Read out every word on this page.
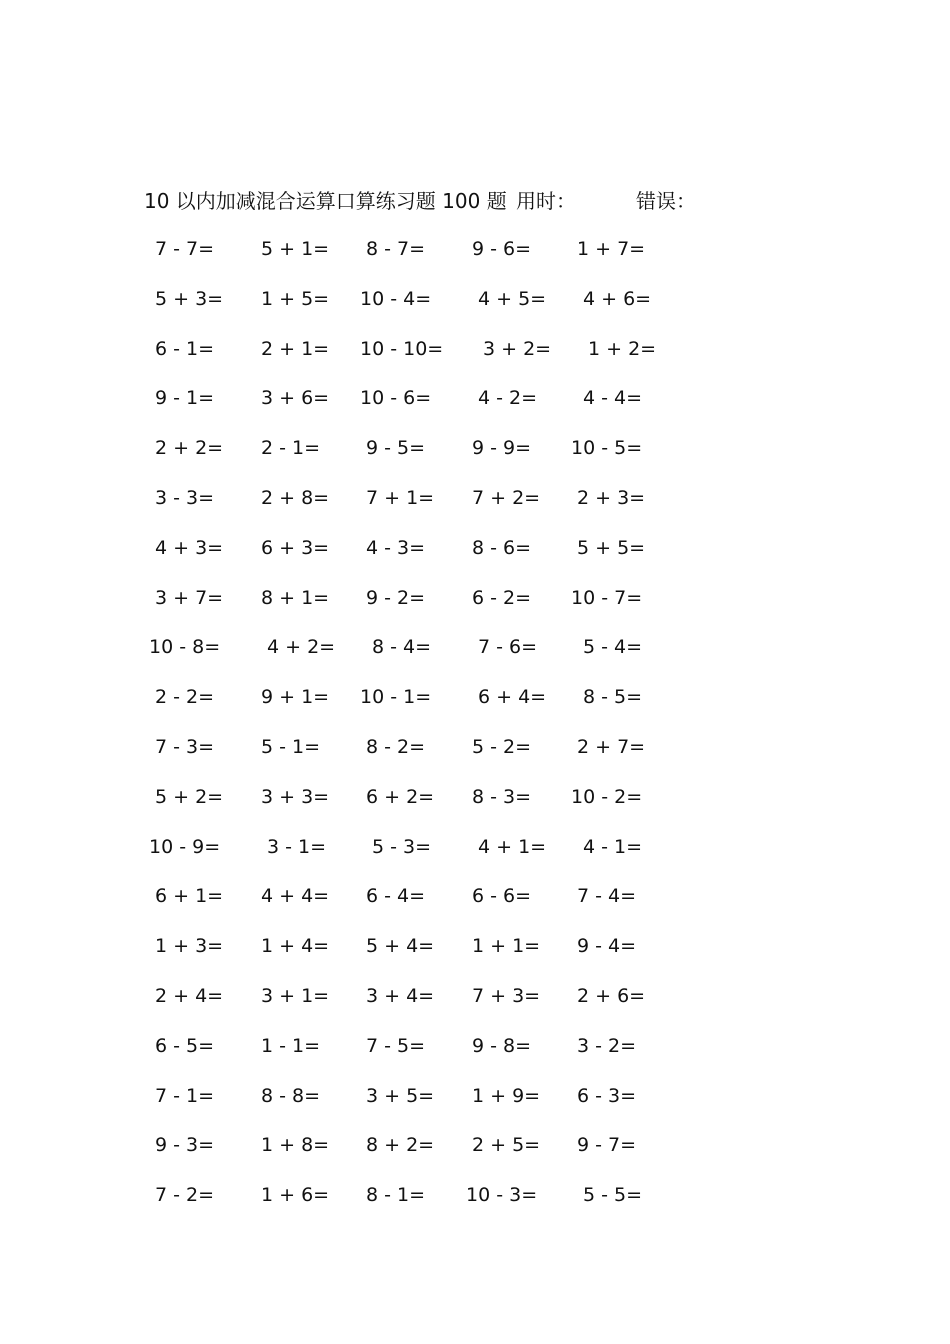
10 以内加减混合运算口算练习题 100 题 用时：	错误：
7 - 7=	5 + 1=	8 - 7=	9 - 6=	1 + 7=
5 + 3=	1 + 5=	10 - 4=	4 + 5=	4 + 6=
6 - 1=	2 + 1=	10 - 10=	3 + 2=	1 + 2=
9 - 1=	3 + 6=	10 - 6=	4 - 2=	4 - 4=
2 + 2=	2 - 1=	9 - 5=	9 - 9=	10 - 5=
3 - 3=	2 + 8=	7 + 1=	7 + 2=	2 + 3=
4 + 3=	6 + 3=	4 - 3=	8 - 6=	5 + 5=
3 + 7=	8 + 1=	9 - 2=	6 - 2=	10 - 7=
10 - 8=	4 + 2=	8 - 4=	7 - 6=	5 - 4=
2 - 2=	9 + 1=	10 - 1=	6 + 4=	8 - 5=
7 - 3=	5 - 1=	8 - 2=	5 - 2=	2 + 7=
5 + 2=	3 + 3=	6 + 2=	8 - 3=	10 - 2=
10 - 9=	3 - 1=	5 - 3=	4 + 1=	4 - 1=
6 + 1=	4 + 4=	6 - 4=	6 - 6=	7 - 4=
1 + 3=	1 + 4=	5 + 4=	1 + 1=	9 - 4=
2 + 4=	3 + 1=	3 + 4=	7 + 3=	2 + 6=
6 - 5=	1 - 1=	7 - 5=	9 - 8=	3 - 2=
7 - 1=	8 - 8=	3 + 5=	1 + 9=	6 - 3=
9 - 3=	1 + 8=	8 + 2=	2 + 5=	9 - 7=
7 - 2=	1 + 6=	8 - 1=	10 - 3=	5 - 5=
